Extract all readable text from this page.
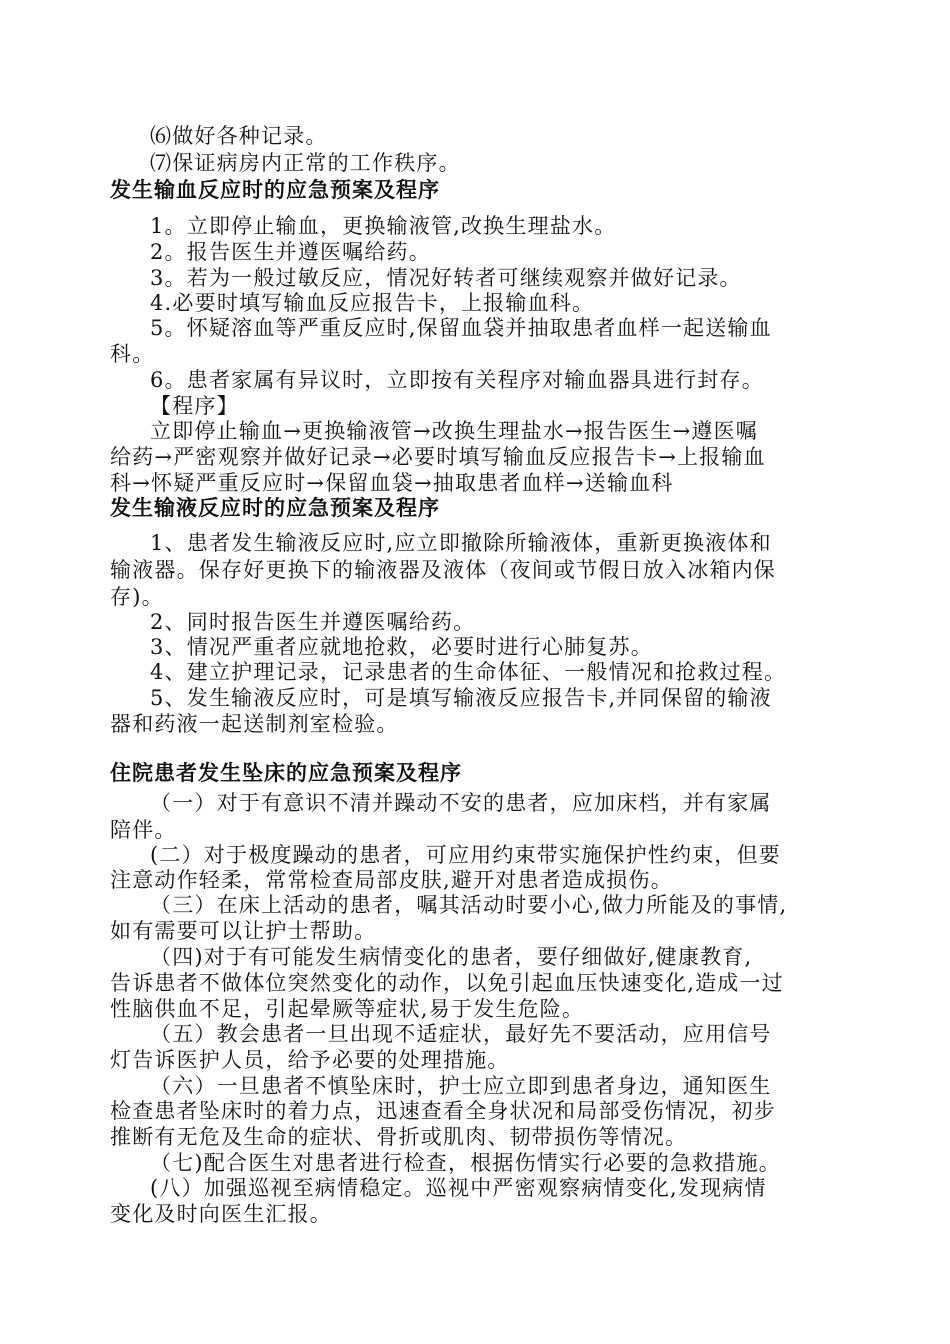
⑹做好各种记录。
⑺保证病房内正常的工作秩序。
发生输血反应时的应急预案及程序
1。立即停止输血，更换输液管,改换生理盐水。
2。报告医生并遵医嘱给药。
3。若为一般过敏反应，情况好转者可继续观察并做好记录。
4.必要时填写输血反应报告卡，上报输血科。
5。怀疑溶血等严重反应时,保留血袋并抽取患者血样一起送输血
科。
6。患者家属有异议时，立即按有关程序对输血器具进行封存。
【程序】
立即停止输血→更换输液管→改换生理盐水→报告医生→遵医嘱
给药→严密观察并做好记录→必要时填写输血反应报告卡→上报输血
科→怀疑严重反应时→保留血袋→抽取患者血样→送输血科
发生输液反应时的应急预案及程序
1、患者发生输液反应时,应立即撤除所输液体，重新更换液体和
输液器。保存好更换下的输液器及液体（夜间或节假日放入冰箱内保
存)。
2、同时报告医生并遵医嘱给药。
3、情况严重者应就地抢救，必要时进行心肺复苏。
4、建立护理记录，记录患者的生命体征、一般情况和抢救过程。
5、发生输液反应时，可是填写输液反应报告卡,并同保留的输液
器和药液一起送制剂室检验。
住院患者发生坠床的应急预案及程序
（一）对于有意识不清并躁动不安的患者，应加床档，并有家属
陪伴。
(二）对于极度躁动的患者，可应用约束带实施保护性约束，但要
注意动作轻柔，常常检查局部皮肤,避开对患者造成损伤。
（三）在床上活动的患者，嘱其活动时要小心,做力所能及的事情,
如有需要可以让护士帮助。
（四)对于有可能发生病情变化的患者，要仔细做好,健康教育,
告诉患者不做体位突然变化的动作，以免引起血压快速变化,造成一过
性脑供血不足，引起晕厥等症状,易于发生危险。
（五）教会患者一旦出现不适症状，最好先不要活动，应用信号
灯告诉医护人员，给予必要的处理措施。
（六）一旦患者不慎坠床时，护士应立即到患者身边，通知医生
检查患者坠床时的着力点，迅速查看全身状况和局部受伤情况，初步
推断有无危及生命的症状、骨折或肌肉、韧带损伤等情况。
（七)配合医生对患者进行检查，根据伤情实行必要的急救措施。
(八）加强巡视至病情稳定。巡视中严密观察病情变化,发现病情
变化及时向医生汇报。
